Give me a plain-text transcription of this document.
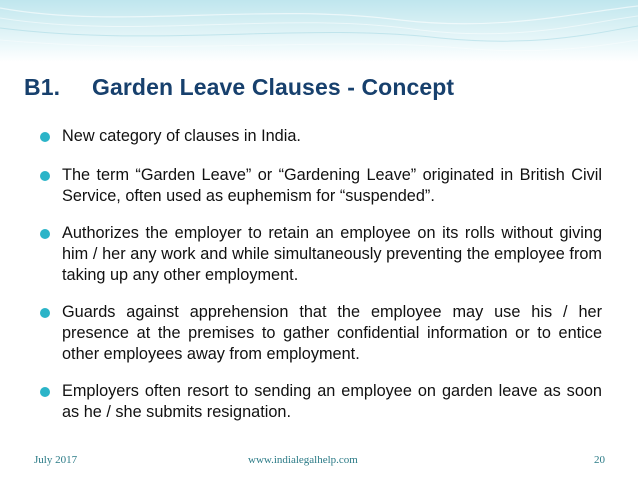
B1. Garden Leave Clauses - Concept
New category of clauses in India.
The term “Garden Leave” or “Gardening Leave” originated in British Civil Service, often used as euphemism for “suspended”.
Authorizes the employer to retain an employee on its rolls without giving him / her any work and while simultaneously preventing the employee from taking up any other employment.
Guards against apprehension that the employee may use his / her presence at the premises to gather confidential information or to entice other employees away from employment.
Employers often resort to sending an employee on garden leave as soon as he / she submits resignation.
July 2017	www.indialegalhelp.com	20
